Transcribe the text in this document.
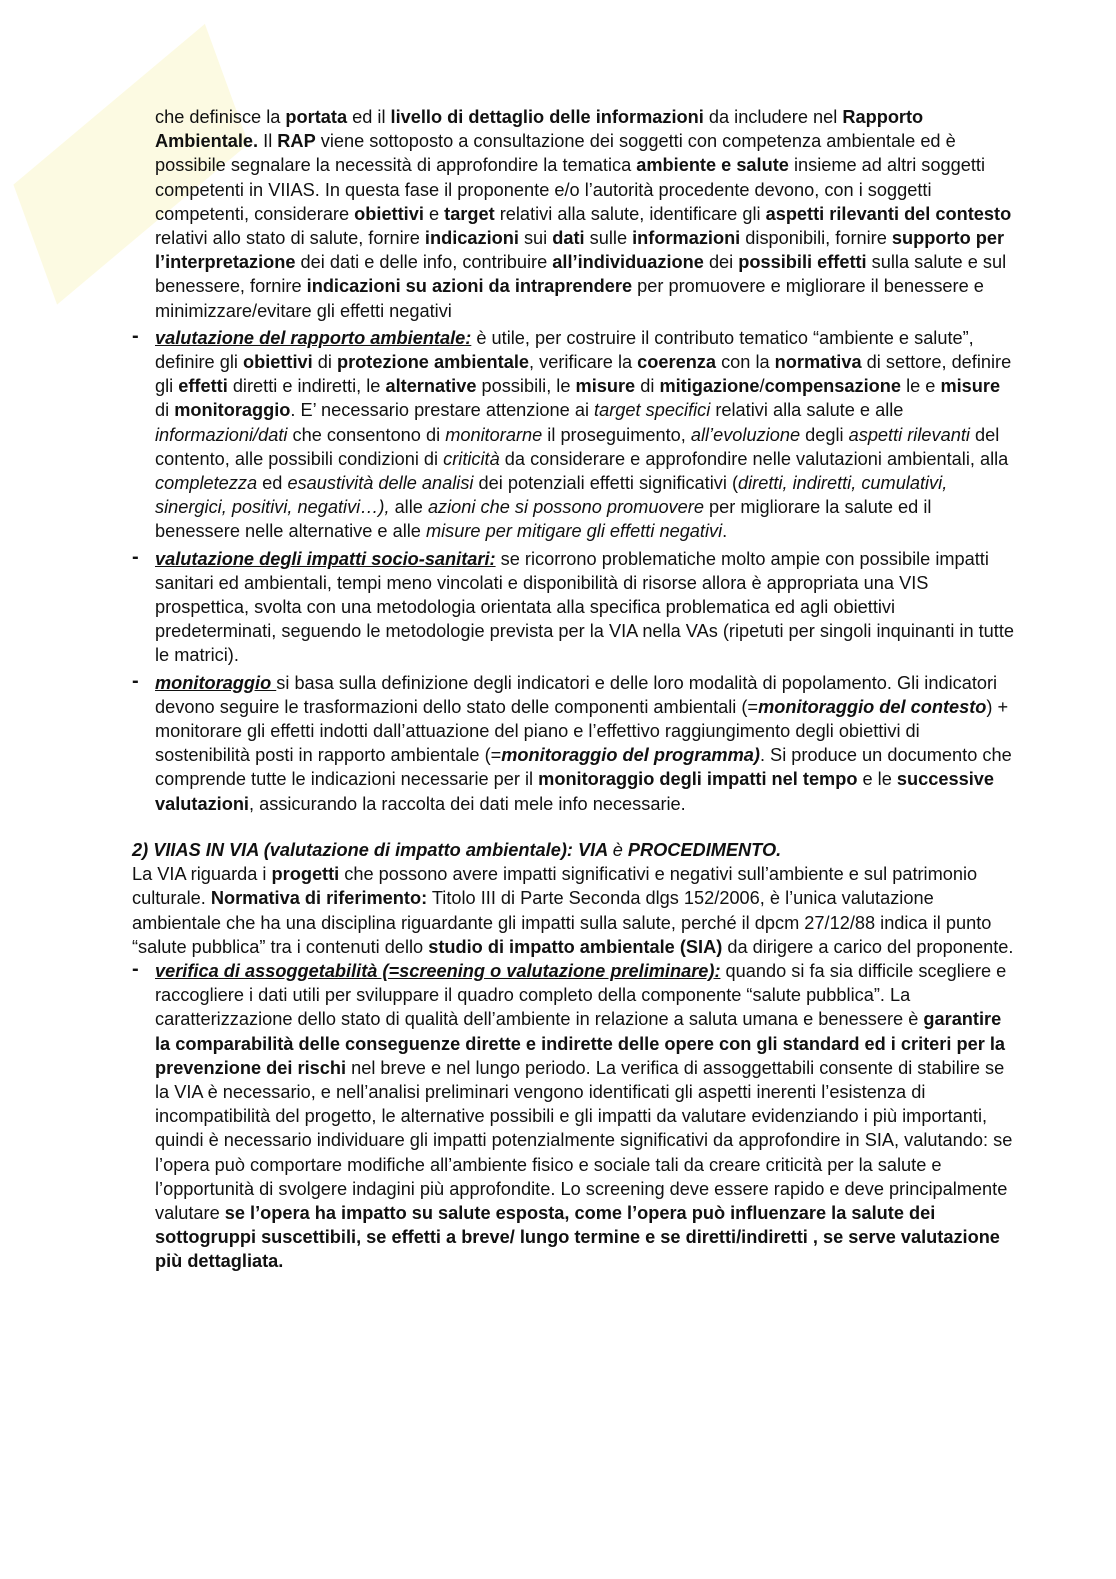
che definisce la portata ed il livello di dettaglio delle informazioni da includere nel Rapporto Ambientale. Il RAP viene sottoposto a consultazione dei soggetti con competenza ambientale ed è possibile segnalare la necessità di approfondire la tematica ambiente e salute insieme ad altri soggetti competenti in VIIAS. In questa fase il proponente e/o l’autorità procedente devono, con i soggetti competenti, considerare obiettivi e target relativi alla salute, identificare gli aspetti rilevanti del contesto relativi allo stato di salute, fornire indicazioni sui dati sulle informazioni disponibili, fornire supporto per l’interpretazione dei dati e delle info, contribuire all’individuazione dei possibili effetti sulla salute e sul benessere, fornire indicazioni su azioni da intraprendere per promuovere e migliorare il benessere e minimizzare/evitare gli effetti negativi
- valutazione del rapporto ambientale: è utile, per costruire il contributo tematico “ambiente e salute”, definire gli obiettivi di protezione ambientale, verificare la coerenza con la normativa di settore, definire gli effetti diretti e indiretti, le alternative possibili, le misure di mitigazione/compensazione le e misure di monitoraggio. E’ necessario prestare attenzione ai target specifici relativi alla salute e alle informazioni/dati che consentono di monitorarne il proseguimento, all’evoluzione degli aspetti rilevanti del contento, alle possibili condizioni di criticità da considerare e approfondire nelle valutazioni ambientali, alla completezza ed esaustività delle analisi dei potenziali effetti significativi (diretti, indiretti, cumulativi, sinergici, positivi, negativi…), alle azioni che si possono promuovere per migliorare la salute ed il benessere nelle alternative e alle misure per mitigare gli effetti negativi.
- valutazione degli impatti socio-sanitari: se ricorrono problematiche molto ampie con possibile impatti sanitari ed ambientali, tempi meno vincolati e disponibilità di risorse allora è appropriata una VIS prospettica, svolta con una metodologia orientata alla specifica problematica ed agli obiettivi predeterminati, seguendo le metodologie prevista per la VIA nella VAs (ripetuti per singoli inquinanti in tutte le matrici).
- monitoraggio si basa sulla definizione degli indicatori e delle loro modalità di popolamento. Gli indicatori devono seguire le trasformazioni dello stato delle componenti ambientali (=monitoraggio del contesto) + monitorare gli effetti indotti dall’attuazione del piano e l’effettivo raggiungimento degli obiettivi di sostenibilità posti in rapporto ambientale (=monitoraggio del programma). Si produce un documento che comprende tutte le indicazioni necessarie per il monitoraggio degli impatti nel tempo e le successive valutazioni, assicurando la raccolta dei dati mele info necessarie.
2) VIIAS IN VIA (valutazione di impatto ambientale): VIA è PROCEDIMENTO.
La VIA riguarda i progetti che possono avere impatti significativi e negativi sull’ambiente e sul patrimonio culturale. Normativa di riferimento: Titolo III di Parte Seconda dlgs 152/2006, è l’unica valutazione ambientale che ha una disciplina riguardante gli impatti sulla salute, perché il dpcm 27/12/88 indica il punto “salute pubblica” tra i contenuti dello studio di impatto ambientale (SIA) da dirigere a carico del proponente.
- verifica di assoggetabilità (=screening o valutazione preliminare): quando si fa sia difficile scegliere e raccogliere i dati utili per sviluppare il quadro completo della componente “salute pubblica”. La caratterizzazione dello stato di qualità dell’ambiente in relazione a saluta umana e benessere è garantire la comparabilità delle conseguenze dirette e indirette delle opere con gli standard ed i criteri per la prevenzione dei rischi nel breve e nel lungo periodo. La verifica di assoggettabili consente di stabilire se la VIA è necessario, e nell’analisi preliminari vengono identificati gli aspetti inerenti l’esistenza di incompatibilità del progetto, le alternative possibili e gli impatti da valutare evidenziando i più importanti, quindi è necessario individuare gli impatti potenzialmente significativi da approfondire in SIA, valutando: se l’opera può comportare modifiche all’ambiente fisico e sociale tali da creare criticità per la salute e l’opportunità di svolgere indagini più approfondite. Lo screening deve essere rapido e deve principalmente valutare se l’opera ha impatto su salute esposta, come l’opera può influenzare la salute dei sottogruppi suscettibili, se effetti a breve/ lungo termine e se diretti/indiretti , se serve valutazione più dettagliata.
